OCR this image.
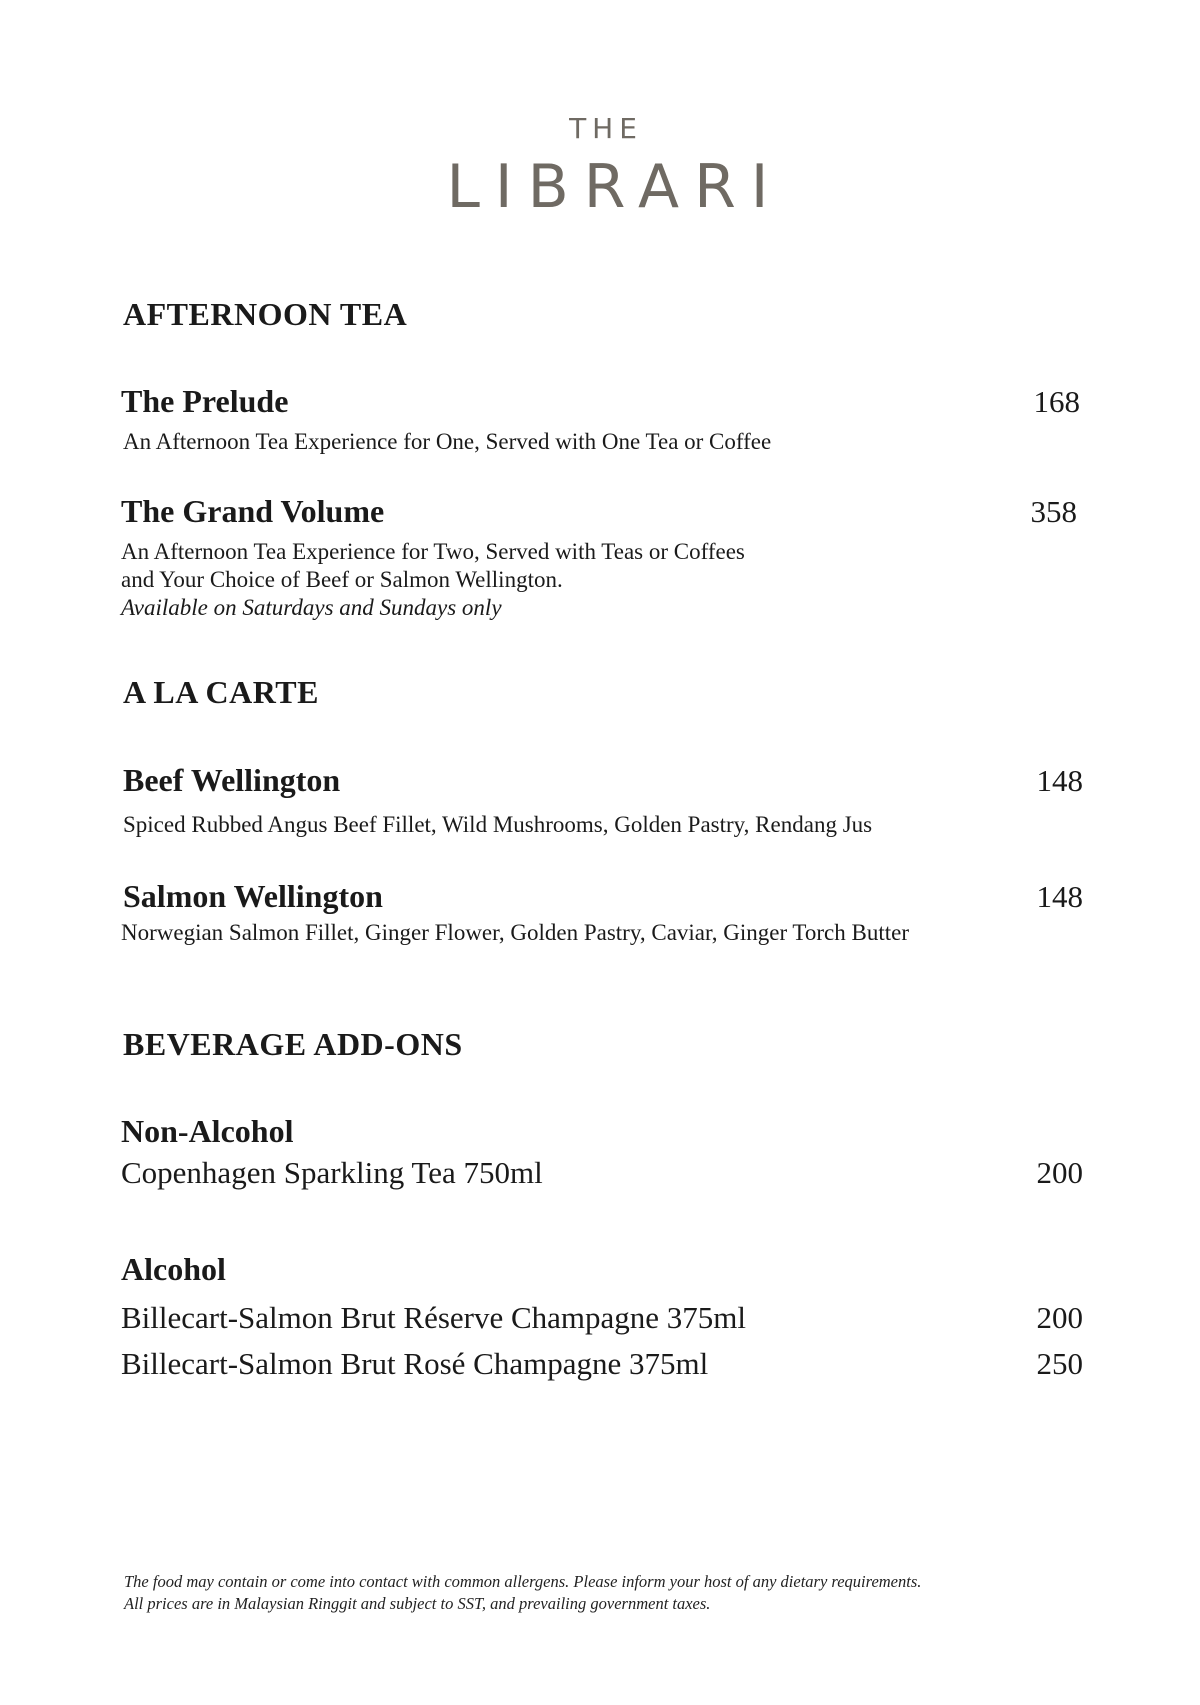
THE
LIBRARI
AFTERNOON TEA
The Prelude	168
An Afternoon Tea Experience for One, Served with One Tea or Coffee
The Grand Volume	358
An Afternoon Tea Experience for Two, Served with Teas or Coffees
and Your Choice of Beef or Salmon Wellington.
Available on Saturdays and Sundays only
A LA CARTE
Beef Wellington	148
Spiced Rubbed Angus Beef Fillet, Wild Mushrooms, Golden Pastry, Rendang Jus
Salmon Wellington	148
Norwegian Salmon Fillet, Ginger Flower, Golden Pastry, Caviar, Ginger Torch Butter
BEVERAGE ADD-ONS
Non-Alcohol
Copenhagen Sparkling Tea 750ml	200
Alcohol
Billecart-Salmon Brut Réserve Champagne 375ml	200
Billecart-Salmon Brut Rosé Champagne 375ml	250
The food may contain or come into contact with common allergens. Please inform your host of any dietary requirements.
All prices are in Malaysian Ringgit and subject to SST, and prevailing government taxes.
